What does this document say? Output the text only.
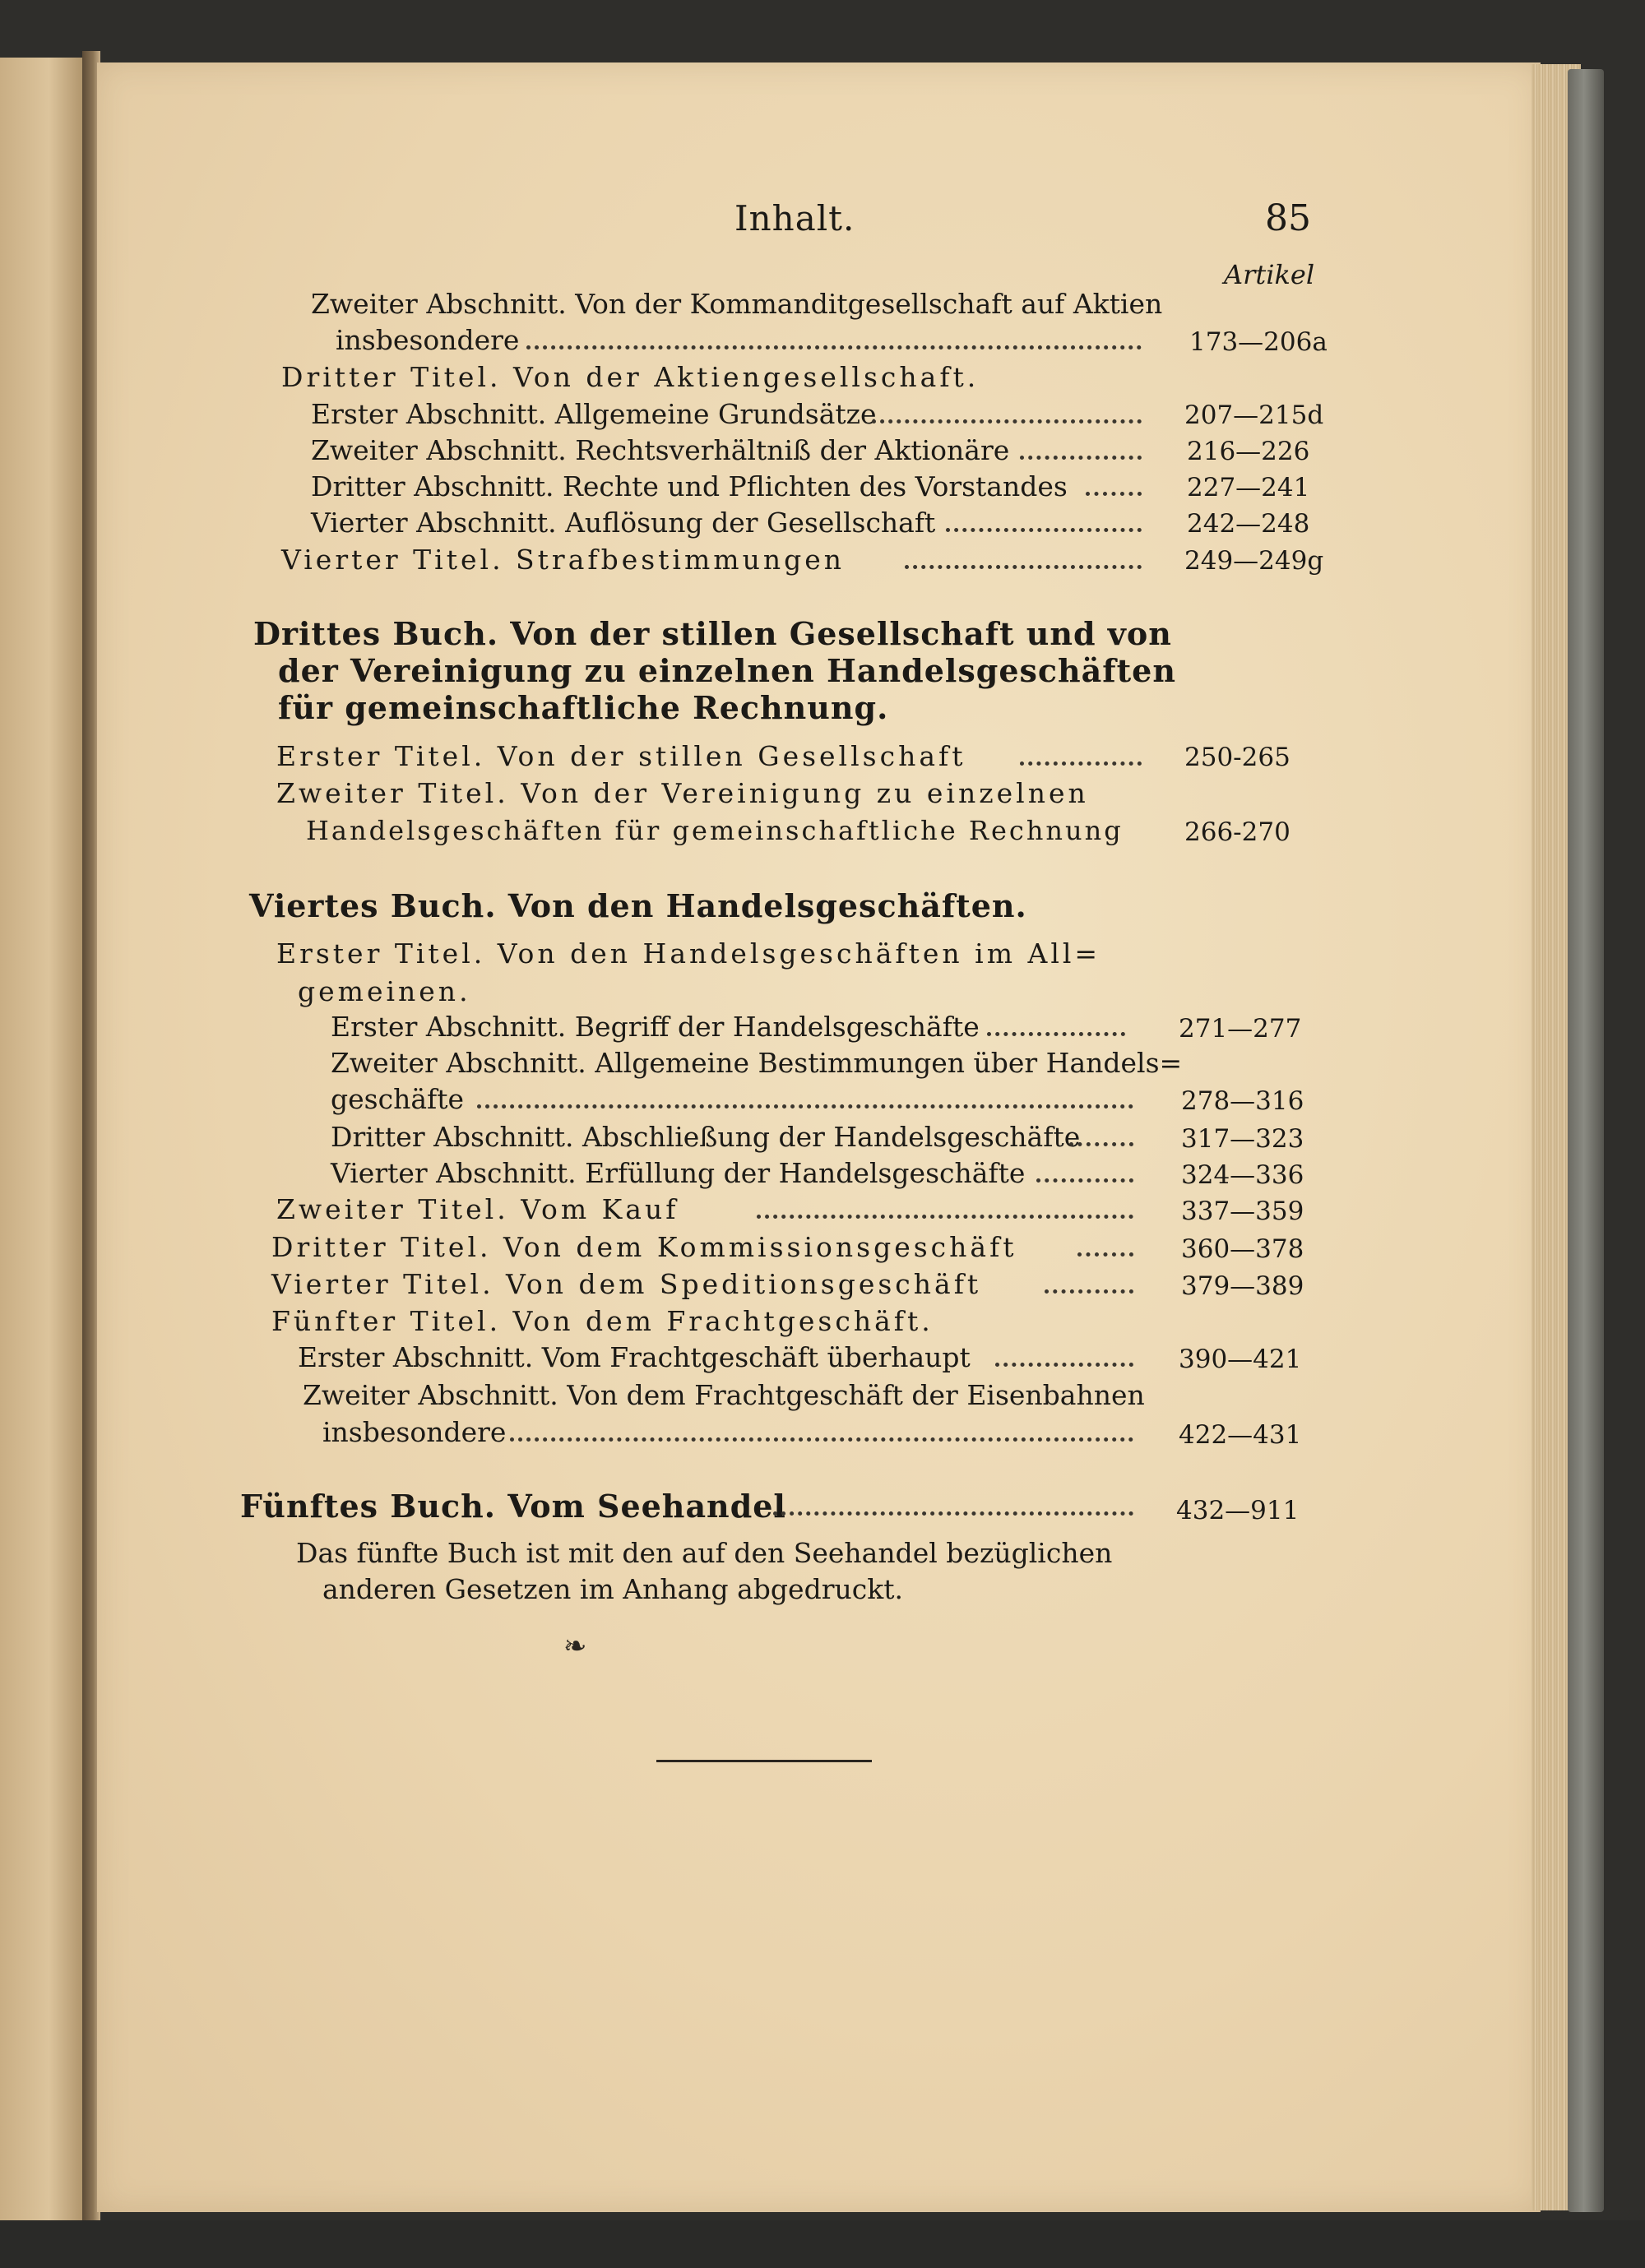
Inhalt.	85
Artikel
Zweiter Abschnitt. Von der Kommanditgesellschaft auf Aktien
insbesondere	173—206a
Dritter Titel. Von der Aktiengesellschaft.
Erster Abschnitt. Allgemeine Grundsätze	207—215d
Zweiter Abschnitt. Rechtsverhältniß der Aktionäre	216—226
Dritter Abschnitt. Rechte und Pflichten des Vorstandes	227—241
Vierter Abschnitt. Auflösung der Gesellschaft	242—248
Vierter Titel. Strafbestimmungen	249—249g
Drittes Buch. Von der stillen Gesellschaft und von
der Vereinigung zu einzelnen Handelsgeschäften
für gemeinschaftliche Rechnung.
Erster Titel. Von der stillen Gesellschaft	250-265
Zweiter Titel. Von der Vereinigung zu einzelnen
Handelsgeschäften für gemeinschaftliche Rechnung 266-270
Viertes Buch. Von den Handelsgeschäften.
Erster Titel. Von den Handelsgeschäften im All=
gemeinen.
Erster Abschnitt. Begriff der Handelsgeschäfte	271—277
Zweiter Abschnitt. Allgemeine Bestimmungen über Handels=
geschäfte	278—316
Dritter Abschnitt. Abschließung der Handelsgeschäfte	317—323
Vierter Abschnitt. Erfüllung der Handelsgeschäfte	324—336
Zweiter Titel. Vom Kauf	337—359
Dritter Titel. Von dem Kommissionsgeschäft	360—378
Vierter Titel. Von dem Speditionsgeschäft	379—389
Fünfter Titel. Von dem Frachtgeschäft.
Erster Abschnitt. Vom Frachtgeschäft überhaupt	390—421
Zweiter Abschnitt. Von dem Frachtgeschäft der Eisenbahnen
insbesondere	422—431
Fünftes Buch. Vom Seehandel	432—911
Das fünfte Buch ist mit den auf den Seehandel bezüglichen
anderen Gesetzen im Anhang abgedruckt.
❧
